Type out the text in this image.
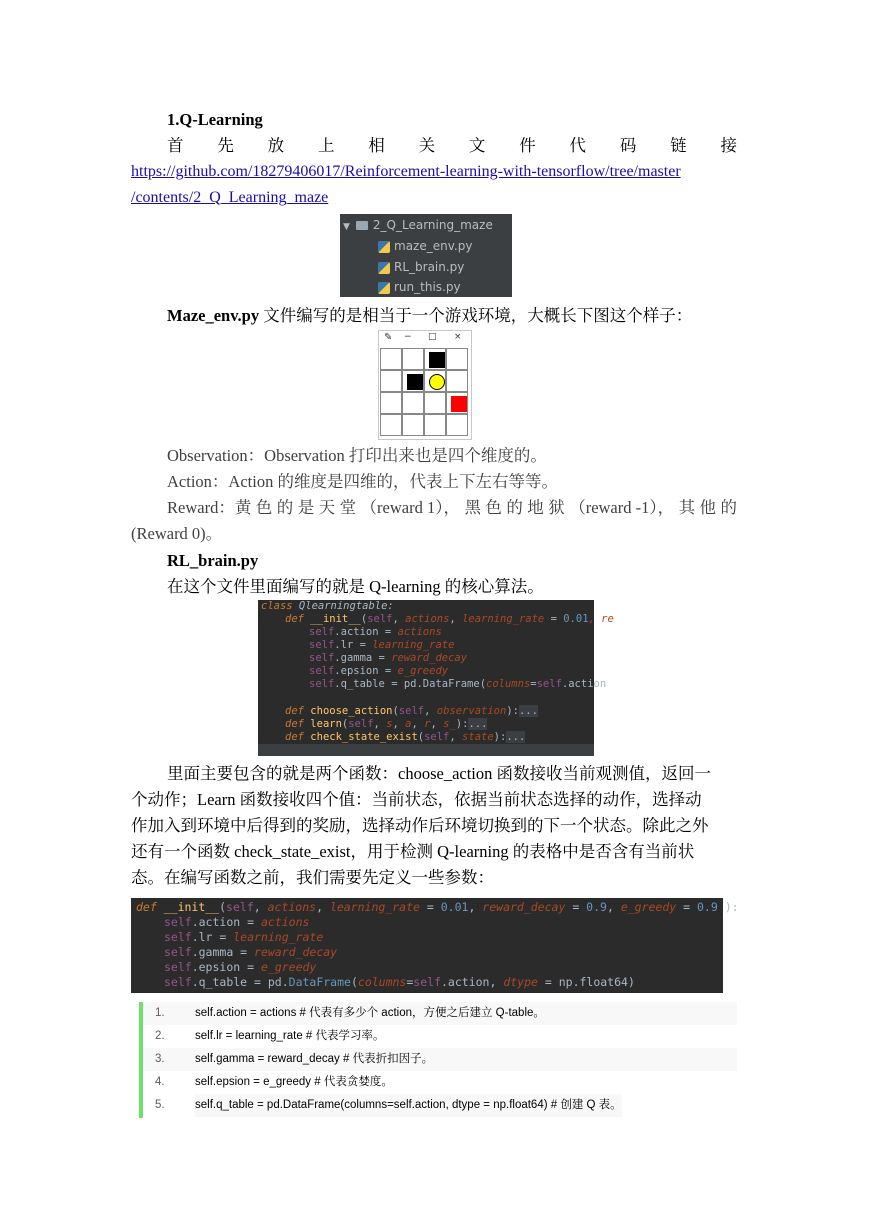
1.Q-Learning
首 先 放 上 相 关 文 件 代 码 链 接
https://github.com/18279406017/Reinforcement-learning-with-tensorflow/tree/master
/contents/2_Q_Learning_maze
▼ 2_Q_Learning_maze
maze_env.py
RL_brain.py
run_this.py
Maze_env.py 文件编写的是相当于一个游戏环境，大概长下图这个样子：
✎ − □ ×
Observation：Observation 打印出来也是四个维度的。
Action：Action 的维度是四维的，代表上下左右等等。
Reward：黄 色 的 是 天 堂 （reward 1）， 黑 色 的 地 狱 （reward -1）， 其 他 的
(Reward 0)。
RL_brain.py
在这个文件里面编写的就是 Q-learning 的核心算法。
class Qlearningtable:
def __init__(self, actions, learning_rate = 0.01, re
self.action = actions
self.lr = learning_rate
self.gamma = reward_decay
self.epsion = e_greedy
self.q_table = pd.DataFrame(columns=self.action
def choose_action(self, observation):...
def learn(self, s, a, r, s_):...
def check_state_exist(self, state):...
里面主要包含的就是两个函数：choose_action 函数接收当前观测值，返回一
个动作；Learn 函数接收四个值：当前状态，依据当前状态选择的动作，选择动
作加入到环境中后得到的奖励，选择动作后环境切换到的下一个状态。除此之外
还有一个函数 check_state_exist，用于检测 Q-learning 的表格中是否含有当前状
态。在编写函数之前，我们需要先定义一些参数：
def __init__(self, actions, learning_rate = 0.01, reward_decay = 0.9, e_greedy = 0.9 ):
self.action = actions
self.lr = learning_rate
self.gamma = reward_decay
self.epsion = e_greedy
self.q_table = pd.DataFrame(columns=self.action, dtype = np.float64)
1.	self.action = actions # 代表有多少个 action，方便之后建立 Q-table。
2.	self.lr = learning_rate # 代表学习率。
3.	self.gamma = reward_decay # 代表折扣因子。
4.	self.epsion = e_greedy # 代表贪婪度。
5.	self.q_table = pd.DataFrame(columns=self.action, dtype = np.float64) # 创建 Q 表。
